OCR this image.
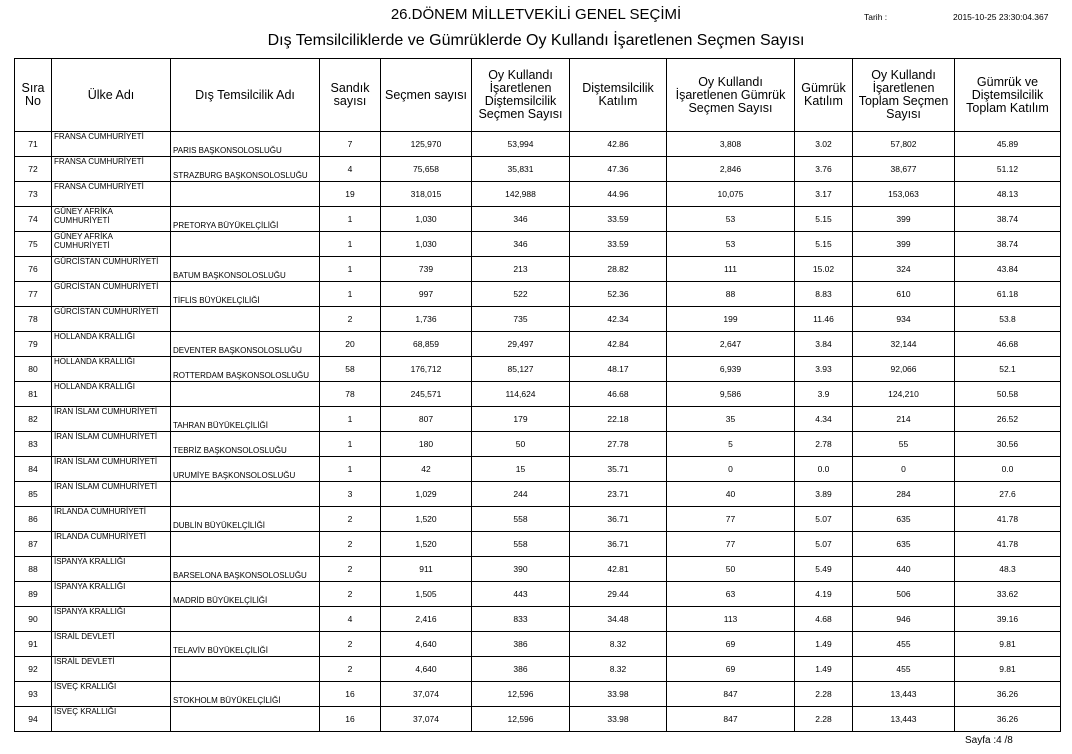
26.DÖNEM MİLLETVEKİLİ GENEL SEÇİMİ	Tarih :	2015-10-25 23:30:04.367
Dış Temsilciliklerde ve Gümrüklerde Oy Kullandı İşaretlenen Seçmen Sayısı
Sıra No	Ülke Adı	Dış Temsilcilik Adı	Sandık sayısı	Seçmen sayısı	Oy Kullandı İşaretlenen Diştemsilcilik Seçmen Sayısı	Diştemsilcilik Katılım	Oy Kullandı İşaretlenen Gümrük Seçmen Sayısı	Gümrük Katılım	Oy Kullandı İşaretlenen Toplam Seçmen Sayısı	Gümrük ve Diştemsilcilik Toplam Katılım
71	FRANSA CUMHURİYETİ	PARIS BAŞKONSOLOSLUĞU	7	125,970	53,994	42.86	3,808	3.02	57,802	45.89
72	FRANSA CUMHURİYETİ	STRAZBURG BAŞKONSOLOSLUĞU	4	75,658	35,831	47.36	2,846	3.76	38,677	51.12
73	FRANSA CUMHURİYETİ		19	318,015	142,988	44.96	10,075	3.17	153,063	48.13
74	GÜNEY AFRİKA CUMHURİYETİ	PRETORYA BÜYÜKELÇİLİĞİ	1	1,030	346	33.59	53	5.15	399	38.74
75	GÜNEY AFRİKA CUMHURİYETİ		1	1,030	346	33.59	53	5.15	399	38.74
76	GÜRCİSTAN CUMHURİYETİ	BATUM BAŞKONSOLOSLUĞU	1	739	213	28.82	111	15.02	324	43.84
77	GÜRCİSTAN CUMHURİYETİ	TİFLİS BÜYÜKELÇİLİĞİ	1	997	522	52.36	88	8.83	610	61.18
78	GÜRCİSTAN CUMHURİYETİ		2	1,736	735	42.34	199	11.46	934	53.8
79	HOLLANDA KRALLIĞI	DEVENTER BAŞKONSOLOSLUĞU	20	68,859	29,497	42.84	2,647	3.84	32,144	46.68
80	HOLLANDA KRALLIĞI	ROTTERDAM BAŞKONSOLOSLUĞU	58	176,712	85,127	48.17	6,939	3.93	92,066	52.1
81	HOLLANDA KRALLIĞI		78	245,571	114,624	46.68	9,586	3.9	124,210	50.58
82	İRAN İSLAM CUMHURİYETİ	TAHRAN BÜYÜKELÇİLİĞİ	1	807	179	22.18	35	4.34	214	26.52
83	İRAN İSLAM CUMHURİYETİ	TEBRİZ BAŞKONSOLOSLUĞU	1	180	50	27.78	5	2.78	55	30.56
84	İRAN İSLAM CUMHURİYETİ	URUMİYE BAŞKONSOLOSLUĞU	1	42	15	35.71	0	0.0	0	0.0
85	İRAN İSLAM CUMHURİYETİ		3	1,029	244	23.71	40	3.89	284	27.6
86	İRLANDA CUMHURİYETİ	DUBLİN BÜYÜKELÇİLİĞİ	2	1,520	558	36.71	77	5.07	635	41.78
87	İRLANDA CUMHURİYETİ		2	1,520	558	36.71	77	5.07	635	41.78
88	İSPANYA KRALLIĞI	BARSELONA BAŞKONSOLOSLUĞU	2	911	390	42.81	50	5.49	440	48.3
89	İSPANYA KRALLIĞI	MADRİD BÜYÜKELÇİLİĞİ	2	1,505	443	29.44	63	4.19	506	33.62
90	İSPANYA KRALLIĞI		4	2,416	833	34.48	113	4.68	946	39.16
91	İSRAİL DEVLETİ	TELAVİV BÜYÜKELÇİLİĞİ	2	4,640	386	8.32	69	1.49	455	9.81
92	İSRAİL DEVLETİ		2	4,640	386	8.32	69	1.49	455	9.81
93	İSVEÇ KRALLIĞI	STOKHOLM BÜYÜKELÇİLİĞİ	16	37,074	12,596	33.98	847	2.28	13,443	36.26
94	İSVEÇ KRALLIĞI		16	37,074	12,596	33.98	847	2.28	13,443	36.26
Sayfa :4 /8
